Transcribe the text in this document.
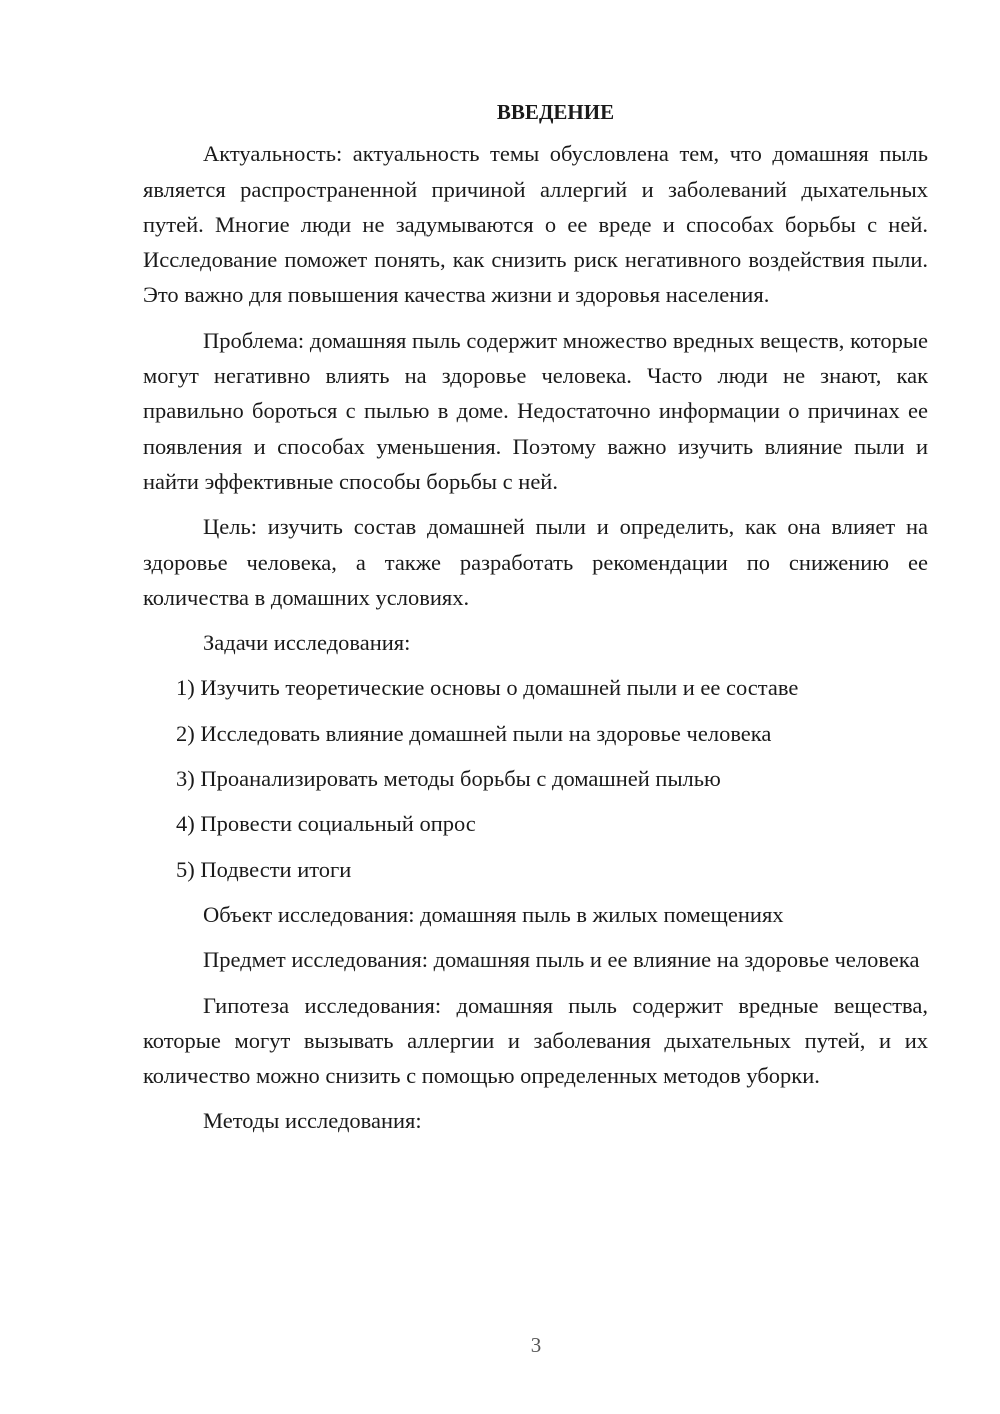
ВВЕДЕНИЕ

Актуальность: актуальность темы обусловлена тем, что домашняя пыль является распространенной причиной аллергий и заболеваний дыхательных путей. Многие люди не задумываются о ее вреде и способах борьбы с ней. Исследование поможет понять, как снизить риск негативного воздействия пыли. Это важно для повышения качества жизни и здоровья населения.

Проблема: домашняя пыль содержит множество вредных веществ, которые могут негативно влиять на здоровье человека. Часто люди не знают, как правильно бороться с пылью в доме. Недостаточно информации о причинах ее появления и способах уменьшения. Поэтому важно изучить влияние пыли и найти эффективные способы борьбы с ней.

Цель: изучить состав домашней пыли и определить, как она влияет на здоровье человека, а также разработать рекомендации по снижению ее количества в домашних условиях.

Задачи исследования:

1) Изучить теоретические основы о домашней пыли и ее составе
2) Исследовать влияние домашней пыли на здоровье человека
3) Проанализировать методы борьбы с домашней пылью
4) Провести социальный опрос
5) Подвести итоги

Объект исследования: домашняя пыль в жилых помещениях

Предмет исследования: домашняя пыль и ее влияние на здоровье человека

Гипотеза исследования: домашняя пыль содержит вредные вещества, которые могут вызывать аллергии и заболевания дыхательных путей, и их количество можно снизить с помощью определенных методов уборки.

Методы исследования:

3
